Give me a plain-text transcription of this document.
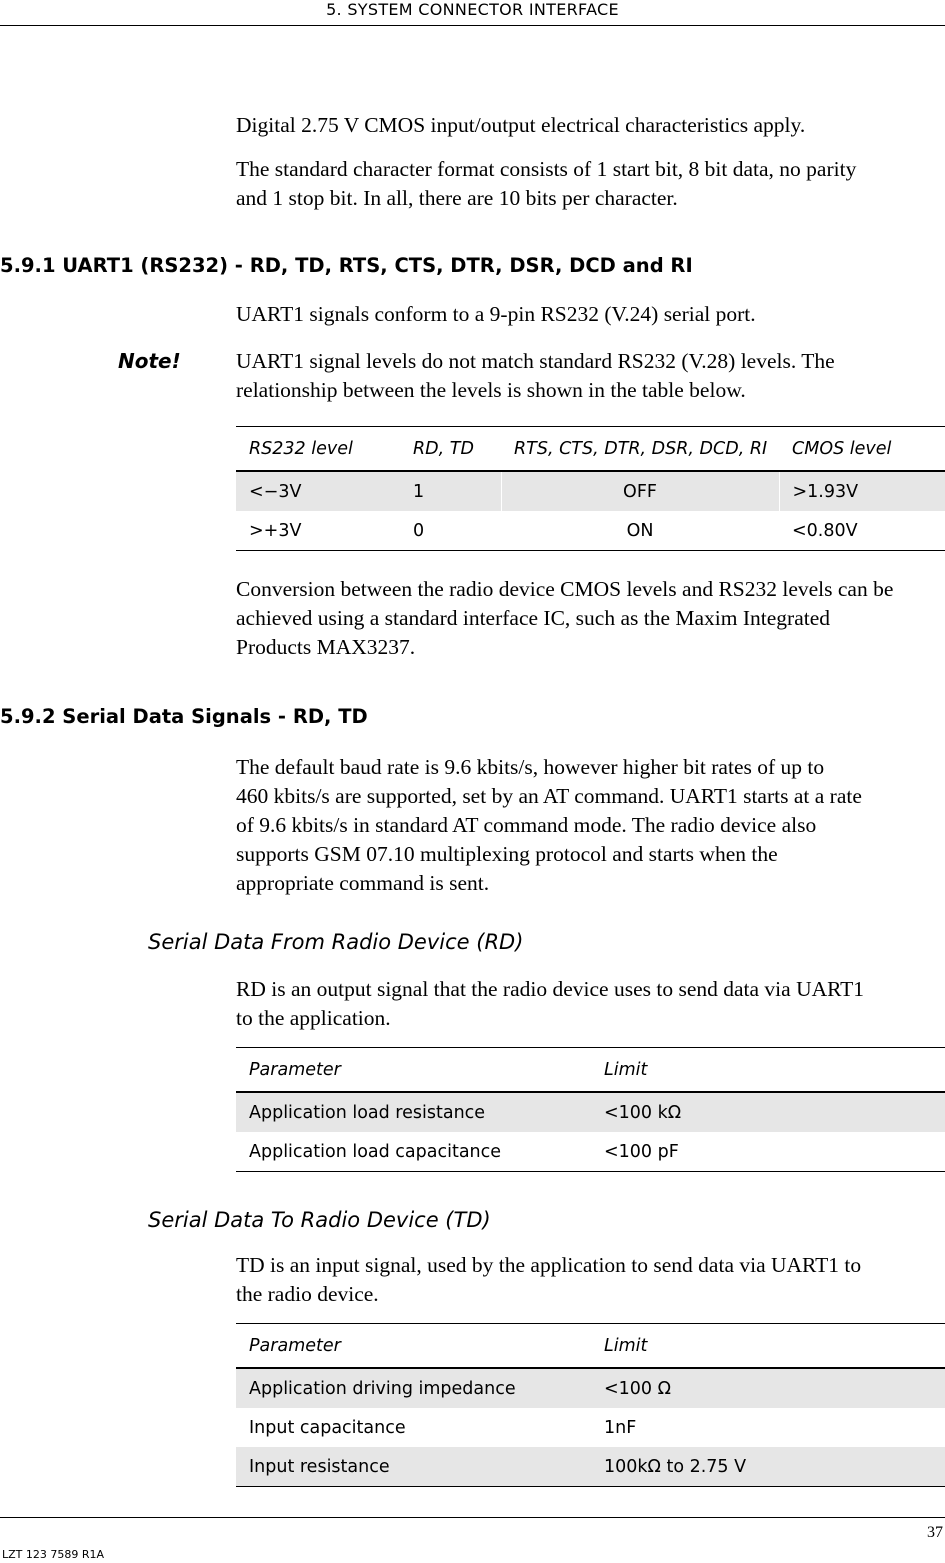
5. SYSTEM CONNECTOR INTERFACE
Digital 2.75 V CMOS input/output electrical characteristics apply.
The standard character format consists of 1 start bit, 8 bit data, no parity
and 1 stop bit. In all, there are 10 bits per character.
5.9.1 UART1 (RS232) - RD, TD, RTS, CTS, DTR, DSR, DCD and RI
UART1 signals conform to a 9-pin RS232 (V.24) serial port.
Note!	UART1 signal levels do not match standard RS232 (V.28) levels. The
relationship between the levels is shown in the table below.
RS232 level	RD, TD	RTS, CTS, DTR, DSR, DCD, RI	CMOS level
<−3V	1	OFF	>1.93V
>+3V	0	ON	<0.80V
Conversion between the radio device CMOS levels and RS232 levels can be
achieved using a standard interface IC, such as the Maxim Integrated
Products MAX3237.
5.9.2 Serial Data Signals - RD, TD
The default baud rate is 9.6 kbits/s, however higher bit rates of up to
460 kbits/s are supported, set by an AT command. UART1 starts at a rate
of 9.6 kbits/s in standard AT command mode. The radio device also
supports GSM 07.10 multiplexing protocol and starts when the
appropriate command is sent.
Serial Data From Radio Device (RD)
RD is an output signal that the radio device uses to send data via UART1
to the application.
Parameter	Limit
Application load resistance	<100 kΩ
Application load capacitance	<100 pF
Serial Data To Radio Device (TD)
TD is an input signal, used by the application to send data via UART1 to
the radio device.
Parameter	Limit
Application driving impedance	<100 Ω
Input capacitance	1nF
Input resistance	100kΩ to 2.75 V
37
LZT 123 7589 R1A
